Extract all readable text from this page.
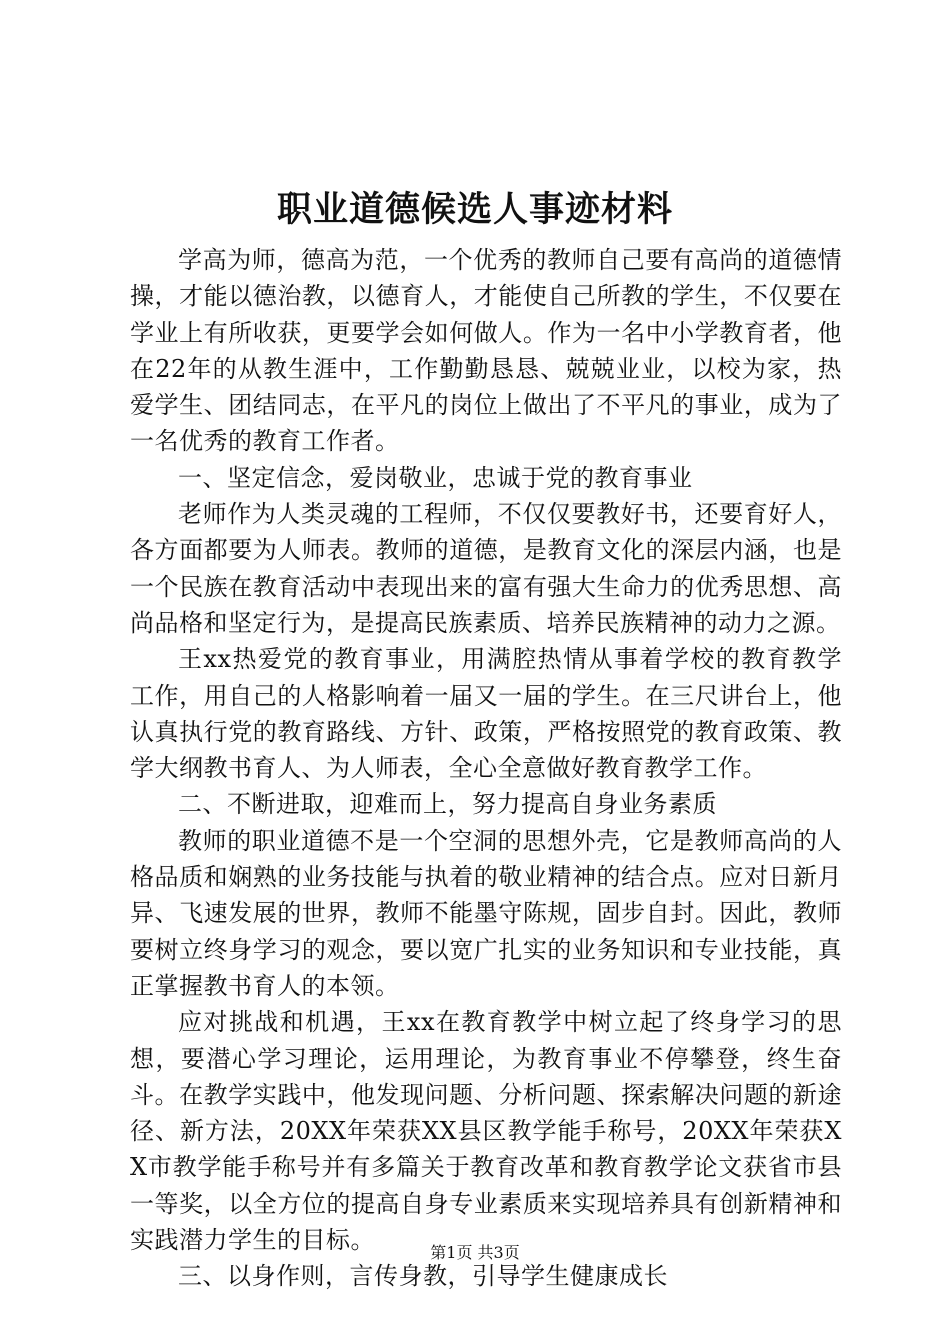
职业道德候选人事迹材料

学高为师，德高为范，一个优秀的教师自己要有高尚的道德情操，才能以德治教，以德育人，才能使自己所教的学生，不仅要在学业上有所收获，更要学会如何做人。作为一名中小学教育者，他在22年的从教生涯中，工作勤勤恳恳、兢兢业业，以校为家，热爱学生、团结同志，在平凡的岗位上做出了不平凡的事业，成为了一名优秀的教育工作者。

一、坚定信念，爱岗敬业，忠诚于党的教育事业

老师作为人类灵魂的工程师，不仅仅要教好书，还要育好人，各方面都要为人师表。教师的道德，是教育文化的深层内涵，也是一个民族在教育活动中表现出来的富有强大生命力的优秀思想、高尚品格和坚定行为，是提高民族素质、培养民族精神的动力之源。

王xx热爱党的教育事业，用满腔热情从事着学校的教育教学工作，用自己的人格影响着一届又一届的学生。在三尺讲台上，他认真执行党的教育路线、方针、政策，严格按照党的教育政策、教学大纲教书育人、为人师表，全心全意做好教育教学工作。

二、不断进取，迎难而上，努力提高自身业务素质

教师的职业道德不是一个空洞的思想外壳，它是教师高尚的人格品质和娴熟的业务技能与执着的敬业精神的结合点。应对日新月异、飞速发展的世界，教师不能墨守陈规，固步自封。因此，教师要树立终身学习的观念，要以宽广扎实的业务知识和专业技能，真正掌握教书育人的本领。

应对挑战和机遇，王xx在教育教学中树立起了终身学习的思想，要潜心学习理论，运用理论，为教育事业不停攀登，终生奋斗。在教学实践中，他发现问题、分析问题、探索解决问题的新途径、新方法，20XX年荣获XX县区教学能手称号，20XX年荣获XX市教学能手称号并有多篇关于教育改革和教育教学论文获省市县一等奖，以全方位的提高自身专业素质来实现培养具有创新精神和实践潜力学生的目标。

三、以身作则，言传身教，引导学生健康成长

第1页 共3页
